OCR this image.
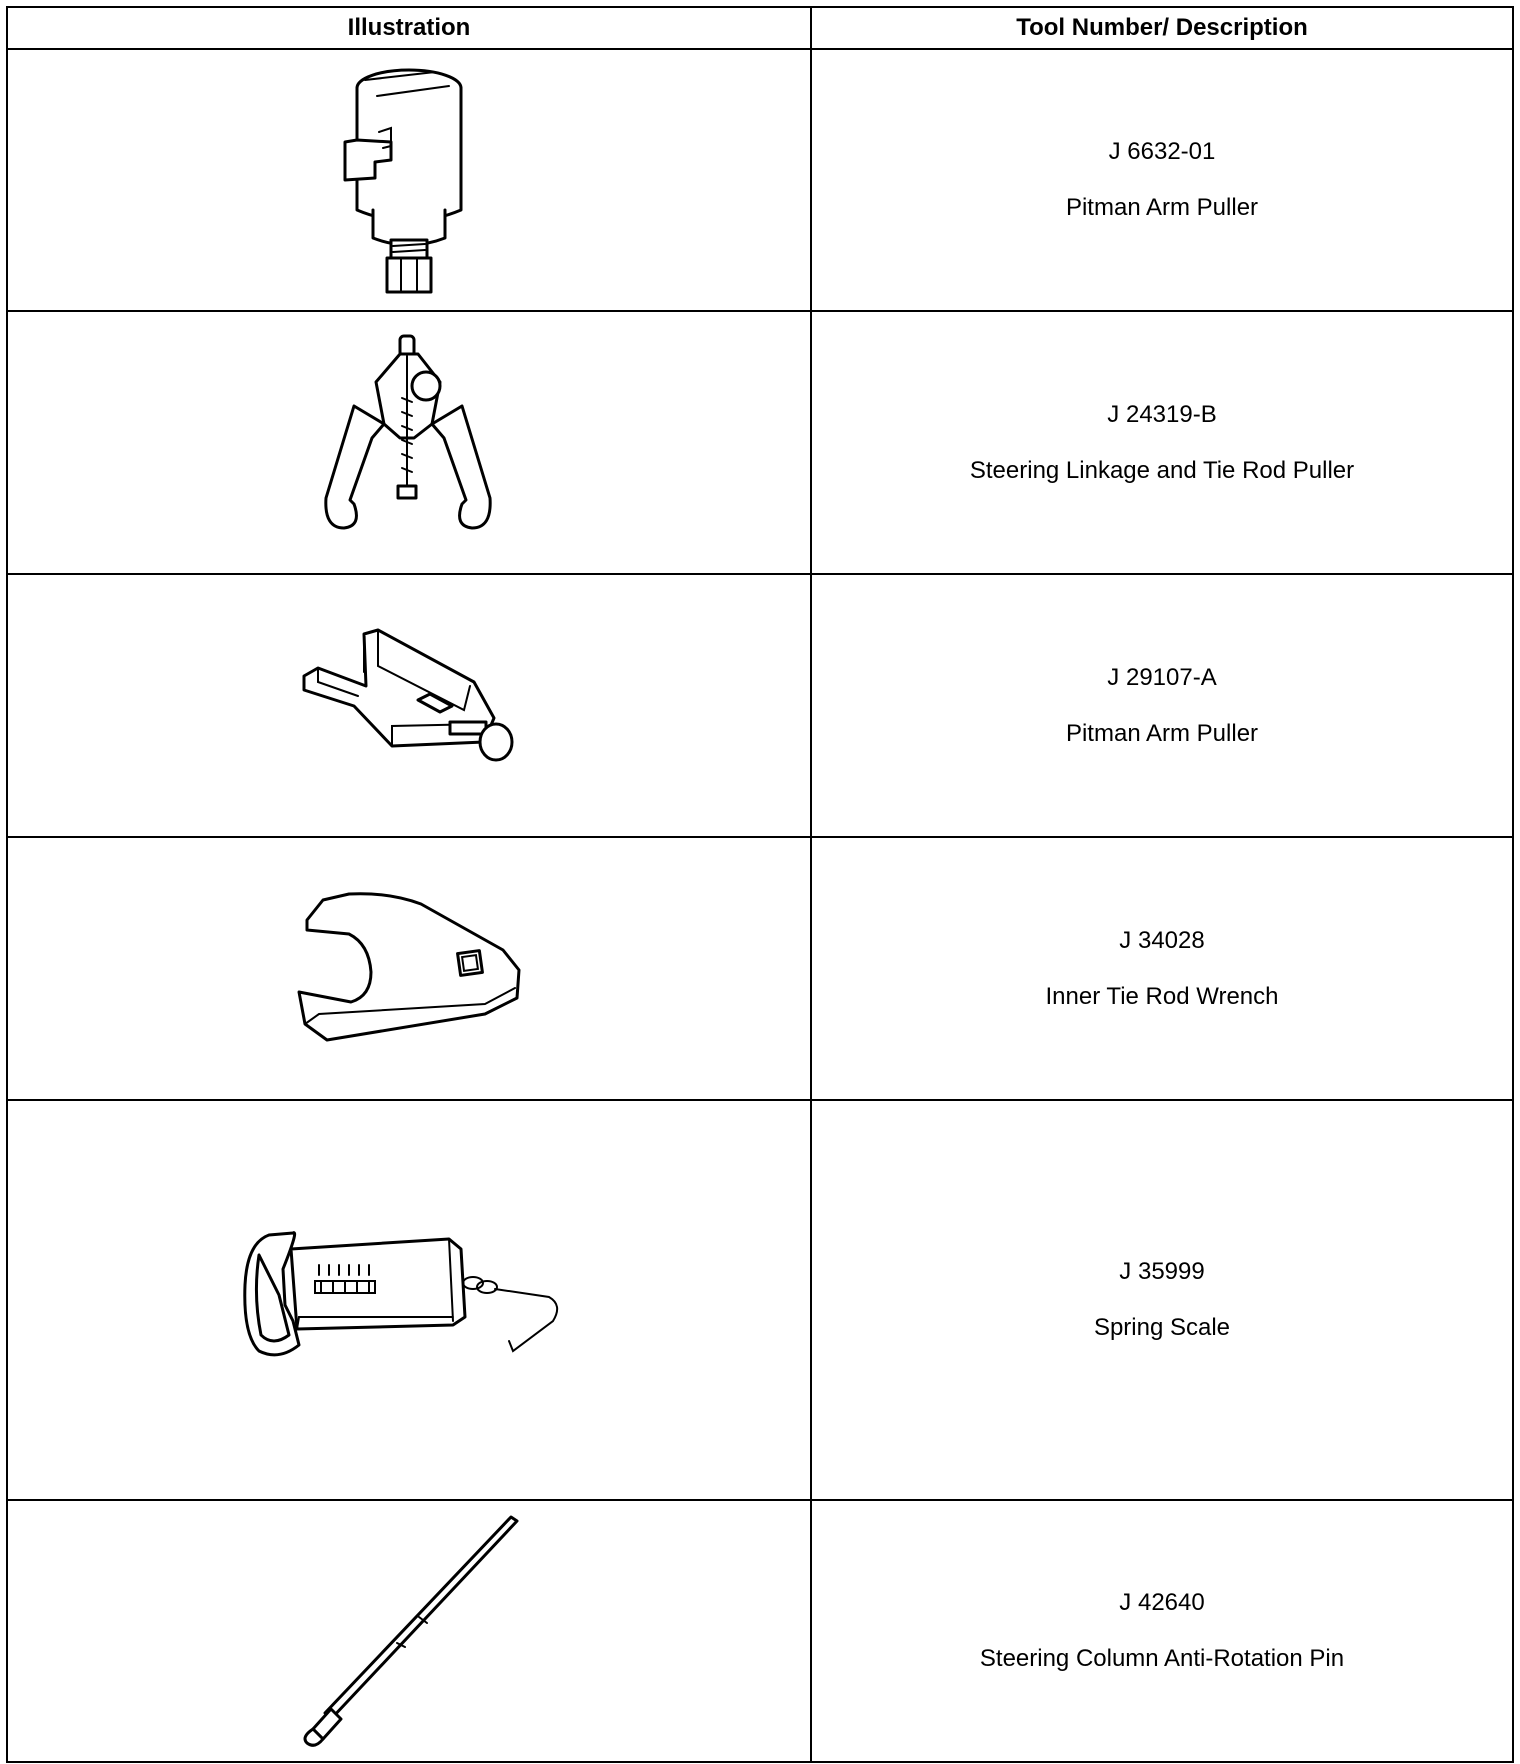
Illustration	Tool Number/ Description

J 6632-01
Pitman Arm Puller

J 24319-B
Steering Linkage and Tie Rod Puller

J 29107-A
Pitman Arm Puller

J 34028
Inner Tie Rod Wrench

J 35999
Spring Scale

J 42640
Steering Column Anti-Rotation Pin
